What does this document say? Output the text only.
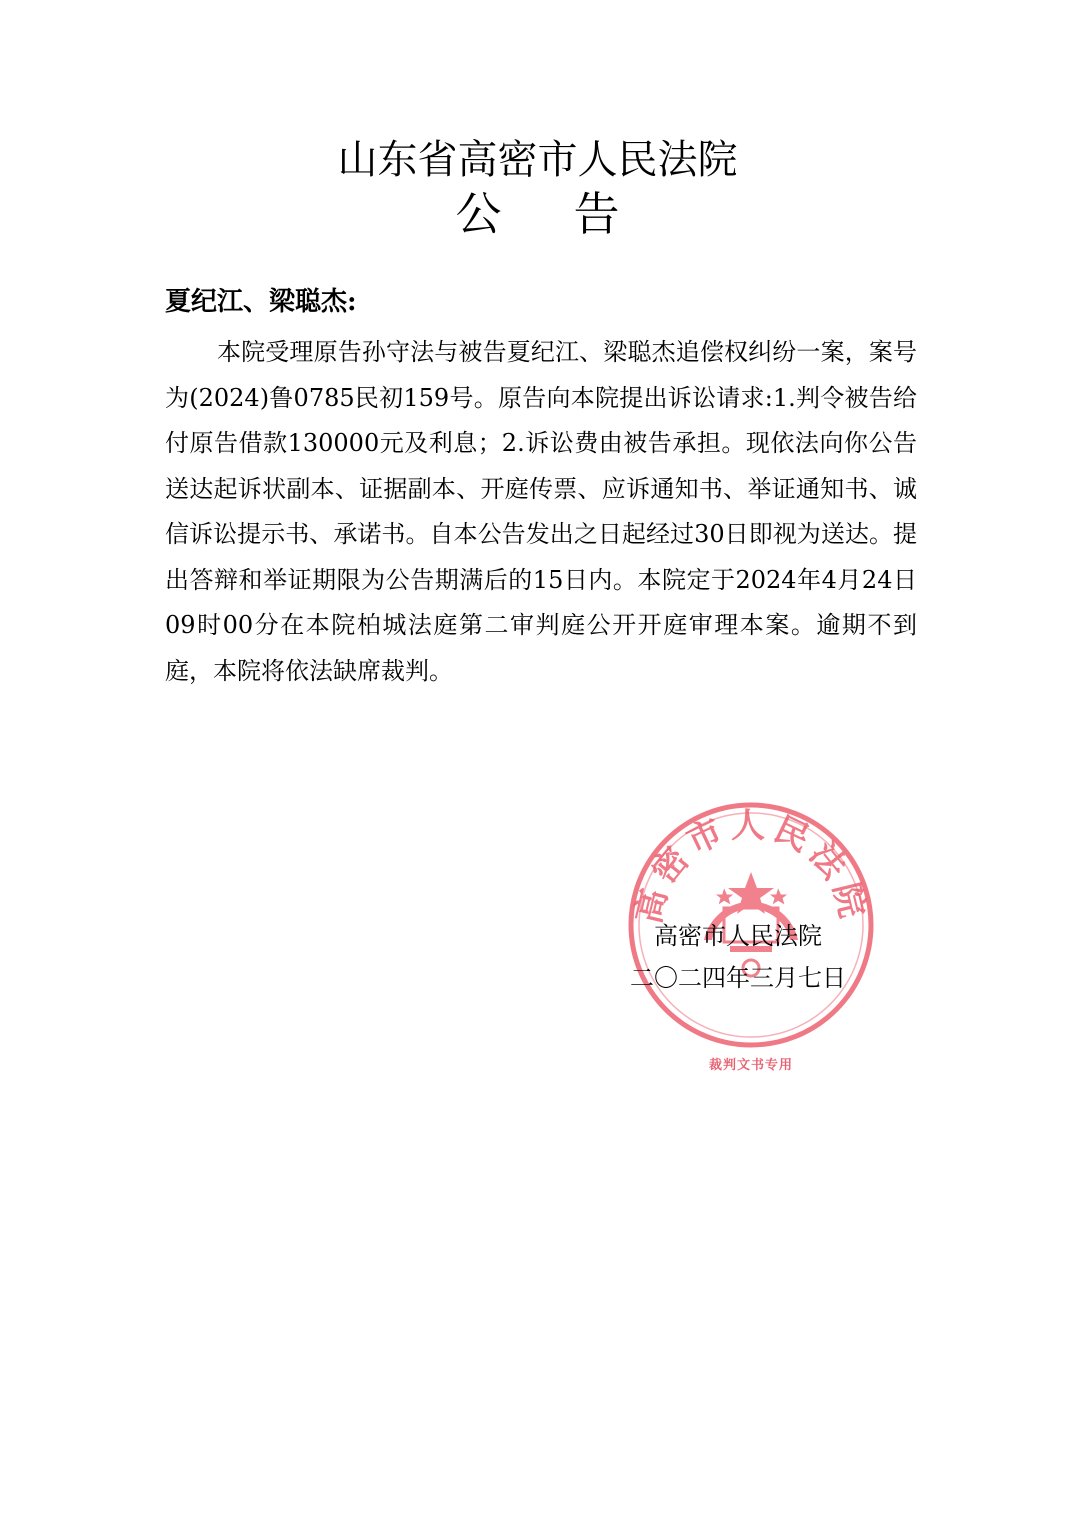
山东省高密市人民法院
公告
夏纪江、梁聪杰:
本院受理原告孙守法与被告夏纪江、梁聪杰追偿权纠纷一案，案号为(2024)鲁0785民初159号。原告向本院提出诉讼请求:1.判令被告给付原告借款130000元及利息；2.诉讼费由被告承担。现依法向你公告送达起诉状副本、证据副本、开庭传票、应诉通知书、举证通知书、诚信诉讼提示书、承诺书。自本公告发出之日起经过30日即视为送达。提出答辩和举证期限为公告期满后的15日内。本院定于2024年4月24日09时00分在本院柏城法庭第二审判庭公开开庭审理本案。逾期不到庭，本院将依法缺席裁判。
高密市人民法院
裁判文书专用
高密市人民法院
二〇二四年三月七日
